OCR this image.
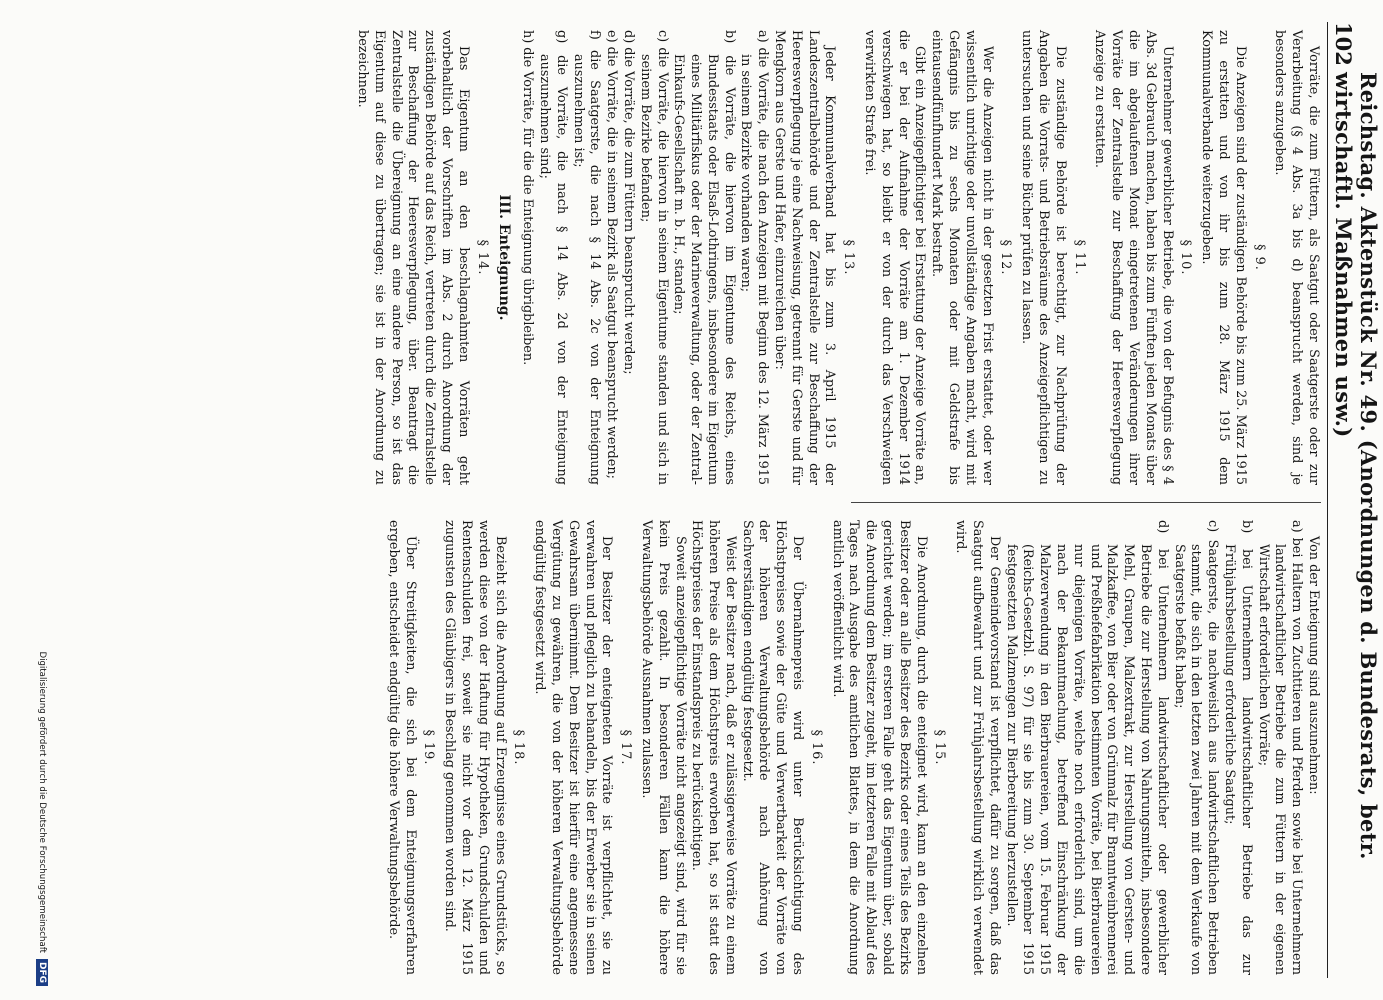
102
Reichstag. Aktenstück Nr. 49. (Anordnungen d. Bundesrats, betr. wirtschaftl. Maßnahmen usw.)
Vorräte, die zum Füttern, als Saatgut oder Saatgerste oder zur Verarbeitung (§ 4 Abs. 3a bis d) beansprucht werden, sind je besonders anzugeben.
§ 9.
Die Anzeigen sind der zuständigen Behörde bis zum 25. März 1915 zu erstatten und von ihr bis zum 28. März 1915 dem Kommunalverbande weiterzugeben.
§ 10.
Unternehmer gewerblicher Betriebe, die von der Befugnis des § 4 Abs. 3d Gebrauch machen, haben bis zum Fünften jeden Monats über die im abgelaufenen Monat eingetretenen Veränderungen ihrer Vorräte der Zentralstelle zur Beschaffung der Heeresverpflegung Anzeige zu erstatten.
§ 11.
Die zuständige Behörde ist berechtigt, zur Nachprüfung der Angaben die Vorrats- und Betriebsräume des Anzeigepflichtigen zu untersuchen und seine Bücher prüfen zu lassen.
§ 12.
Wer die Anzeigen nicht in der gesetzten Frist erstattet, oder wer wissentlich unrichtige oder unvollständige Angaben macht, wird mit Gefängnis bis zu sechs Monaten oder mit Geldstrafe bis eintausendfünfhundert Mark bestraft.
Gibt ein Anzeigepflichtiger bei Erstattung der Anzeige Vorräte an, die er bei der Aufnahme der Vorräte am 1. Dezember 1914 verschwiegen hat, so bleibt er von der durch das Verschweigen verwirkten Strafe frei.
§ 13.
Jeder Kommunalverband hat bis zum 3. April 1915 der Landeszentralbehörde und der Zentralstelle zur Beschaffung der Heeresverpflegung je eine Nachweisung, getrennt für Gerste und für Mengkorn aus Gerste und Hafer, einzureichen über:
a) die Vorräte, die nach den Anzeigen mit Beginn des 12. März 1915 in seinem Bezirke vorhanden waren;
b) die Vorräte, die hiervon im Eigentume des Reichs, eines Bundesstaats oder Elsaß-Lothringens, insbesondere im Eigentum eines Militärfiskus oder der Marineverwaltung, oder der Zentral-Einkaufs-Gesellschaft m. b. H., standen;
c) die Vorräte, die hiervon in seinem Eigentume standen und sich in seinem Bezirke befanden;
d) die Vorräte, die zum Füttern beansprucht werden;
e) die Vorräte, die in seinem Bezirk als Saatgut beansprucht werden;
f) die Saatgerste, die nach § 14 Abs. 2c von der Enteignung auszunehmen ist;
g) die Vorräte, die nach § 14 Abs. 2d von der Enteignung auszunehmen sind;
h) die Vorräte, für die die Enteignung übrigbleiben.
III. Enteignung.
§ 14.
Das Eigentum an den beschlagnahmten Vorräten geht vorbehaltlich der Vorschriften im Abs. 2 durch Anordnung der zuständigen Behörde auf das Reich, vertreten durch die Zentralstelle zur Beschaffung der Heeresverpflegung, über. Beantragt die Zentralstelle die Übereignung an eine andere Person, so ist das Eigentum auf diese zu übertragen; sie ist in der Anordnung zu bezeichnen.
Von der Enteignung sind auszunehmen:
a) bei Haltern von Zuchttieren und Pferden sowie bei Unternehmern landwirtschaftlicher Betriebe die zum Füttern in der eigenen Wirtschaft erforderlichen Vorräte;
b) bei Unternehmern landwirtschaftlicher Betriebe das zur Frühjahrsbestellung erforderliche Saatgut;
c) Saatgerste, die nachweislich aus landwirtschaftlichen Betrieben stammt, die sich in den letzten zwei Jahren mit dem Verkaufe von Saatgerste befaßt haben;
d) bei Unternehmern landwirtschaftlicher oder gewerblicher Betriebe die zur Herstellung von Nahrungsmitteln, insbesondere Mehl, Graupen, Malzextrakt, zur Herstellung von Gersten- und Malzkaffee, von Bier oder von Grünmalz für Branntweinbrennerei und Preßhefefabrikation bestimmten Vorräte, bei Bierbrauereien nur diejenigen Vorräte, welche noch erforderlich sind, um die nach der Bekanntmachung, betreffend Einschränkung der Malzverwendung in den Bierbrauereien, vom 15. Februar 1915 (Reichs-Gesetzbl. S. 97) für sie bis zum 30. September 1915 festgesetzten Malzmengen zur Bierbereitung herzustellen.
Der Gemeindevorstand ist verpflichtet, dafür zu sorgen, daß das Saatgut aufbewahrt und zur Frühjahrsbestellung wirklich verwendet wird.
§ 15.
Die Anordnung, durch die enteignet wird, kann an den einzelnen Besitzer oder an alle Besitzer des Bezirks oder eines Teils des Bezirks gerichtet werden; im ersteren Falle geht das Eigentum über, sobald die Anordnung dem Besitzer zugeht, im letzteren Falle mit Ablauf des Tages nach Ausgabe des amtlichen Blattes, in dem die Anordnung amtlich veröffentlicht wird.
§ 16.
Der Übernahmepreis wird unter Berücksichtigung des Höchstpreises sowie der Güte und Verwertbarkeit der Vorräte von der höheren Verwaltungsbehörde nach Anhörung von Sachverständigen endgültig festgesetzt.
Weist der Besitzer nach, daß er zulässigerweise Vorräte zu einem höheren Preise als dem Höchstpreis erworben hat, so ist statt des Höchstpreises der Einstandspreis zu berücksichtigen.
Soweit anzeigepflichtige Vorräte nicht angezeigt sind, wird für sie kein Preis gezahlt. In besonderen Fällen kann die höhere Verwaltungsbehörde Ausnahmen zulassen.
§ 17.
Der Besitzer der enteigneten Vorräte ist verpflichtet, sie zu verwahren und pfleglich zu behandeln, bis der Erwerber sie in seinen Gewahrsam übernimmt. Dem Besitzer ist hierfür eine angemessene Vergütung zu gewähren, die von der höheren Verwaltungsbehörde endgültig festgesetzt wird.
§ 18.
Bezieht sich die Anordnung auf Erzeugnisse eines Grundstücks, so werden diese von der Haftung für Hypotheken, Grundschulden und Rentenschulden frei, soweit sie nicht vor dem 12. März 1915 zugunsten des Gläubigers in Beschlag genommen worden sind.
§ 19.
Über Streitigkeiten, die sich bei dem Enteignungsverfahren ergeben, entscheidet endgültig die höhere Verwaltungsbehörde.
Digitalisierung gefördert durch die Deutsche ForschungsgemeinschaftDFG
